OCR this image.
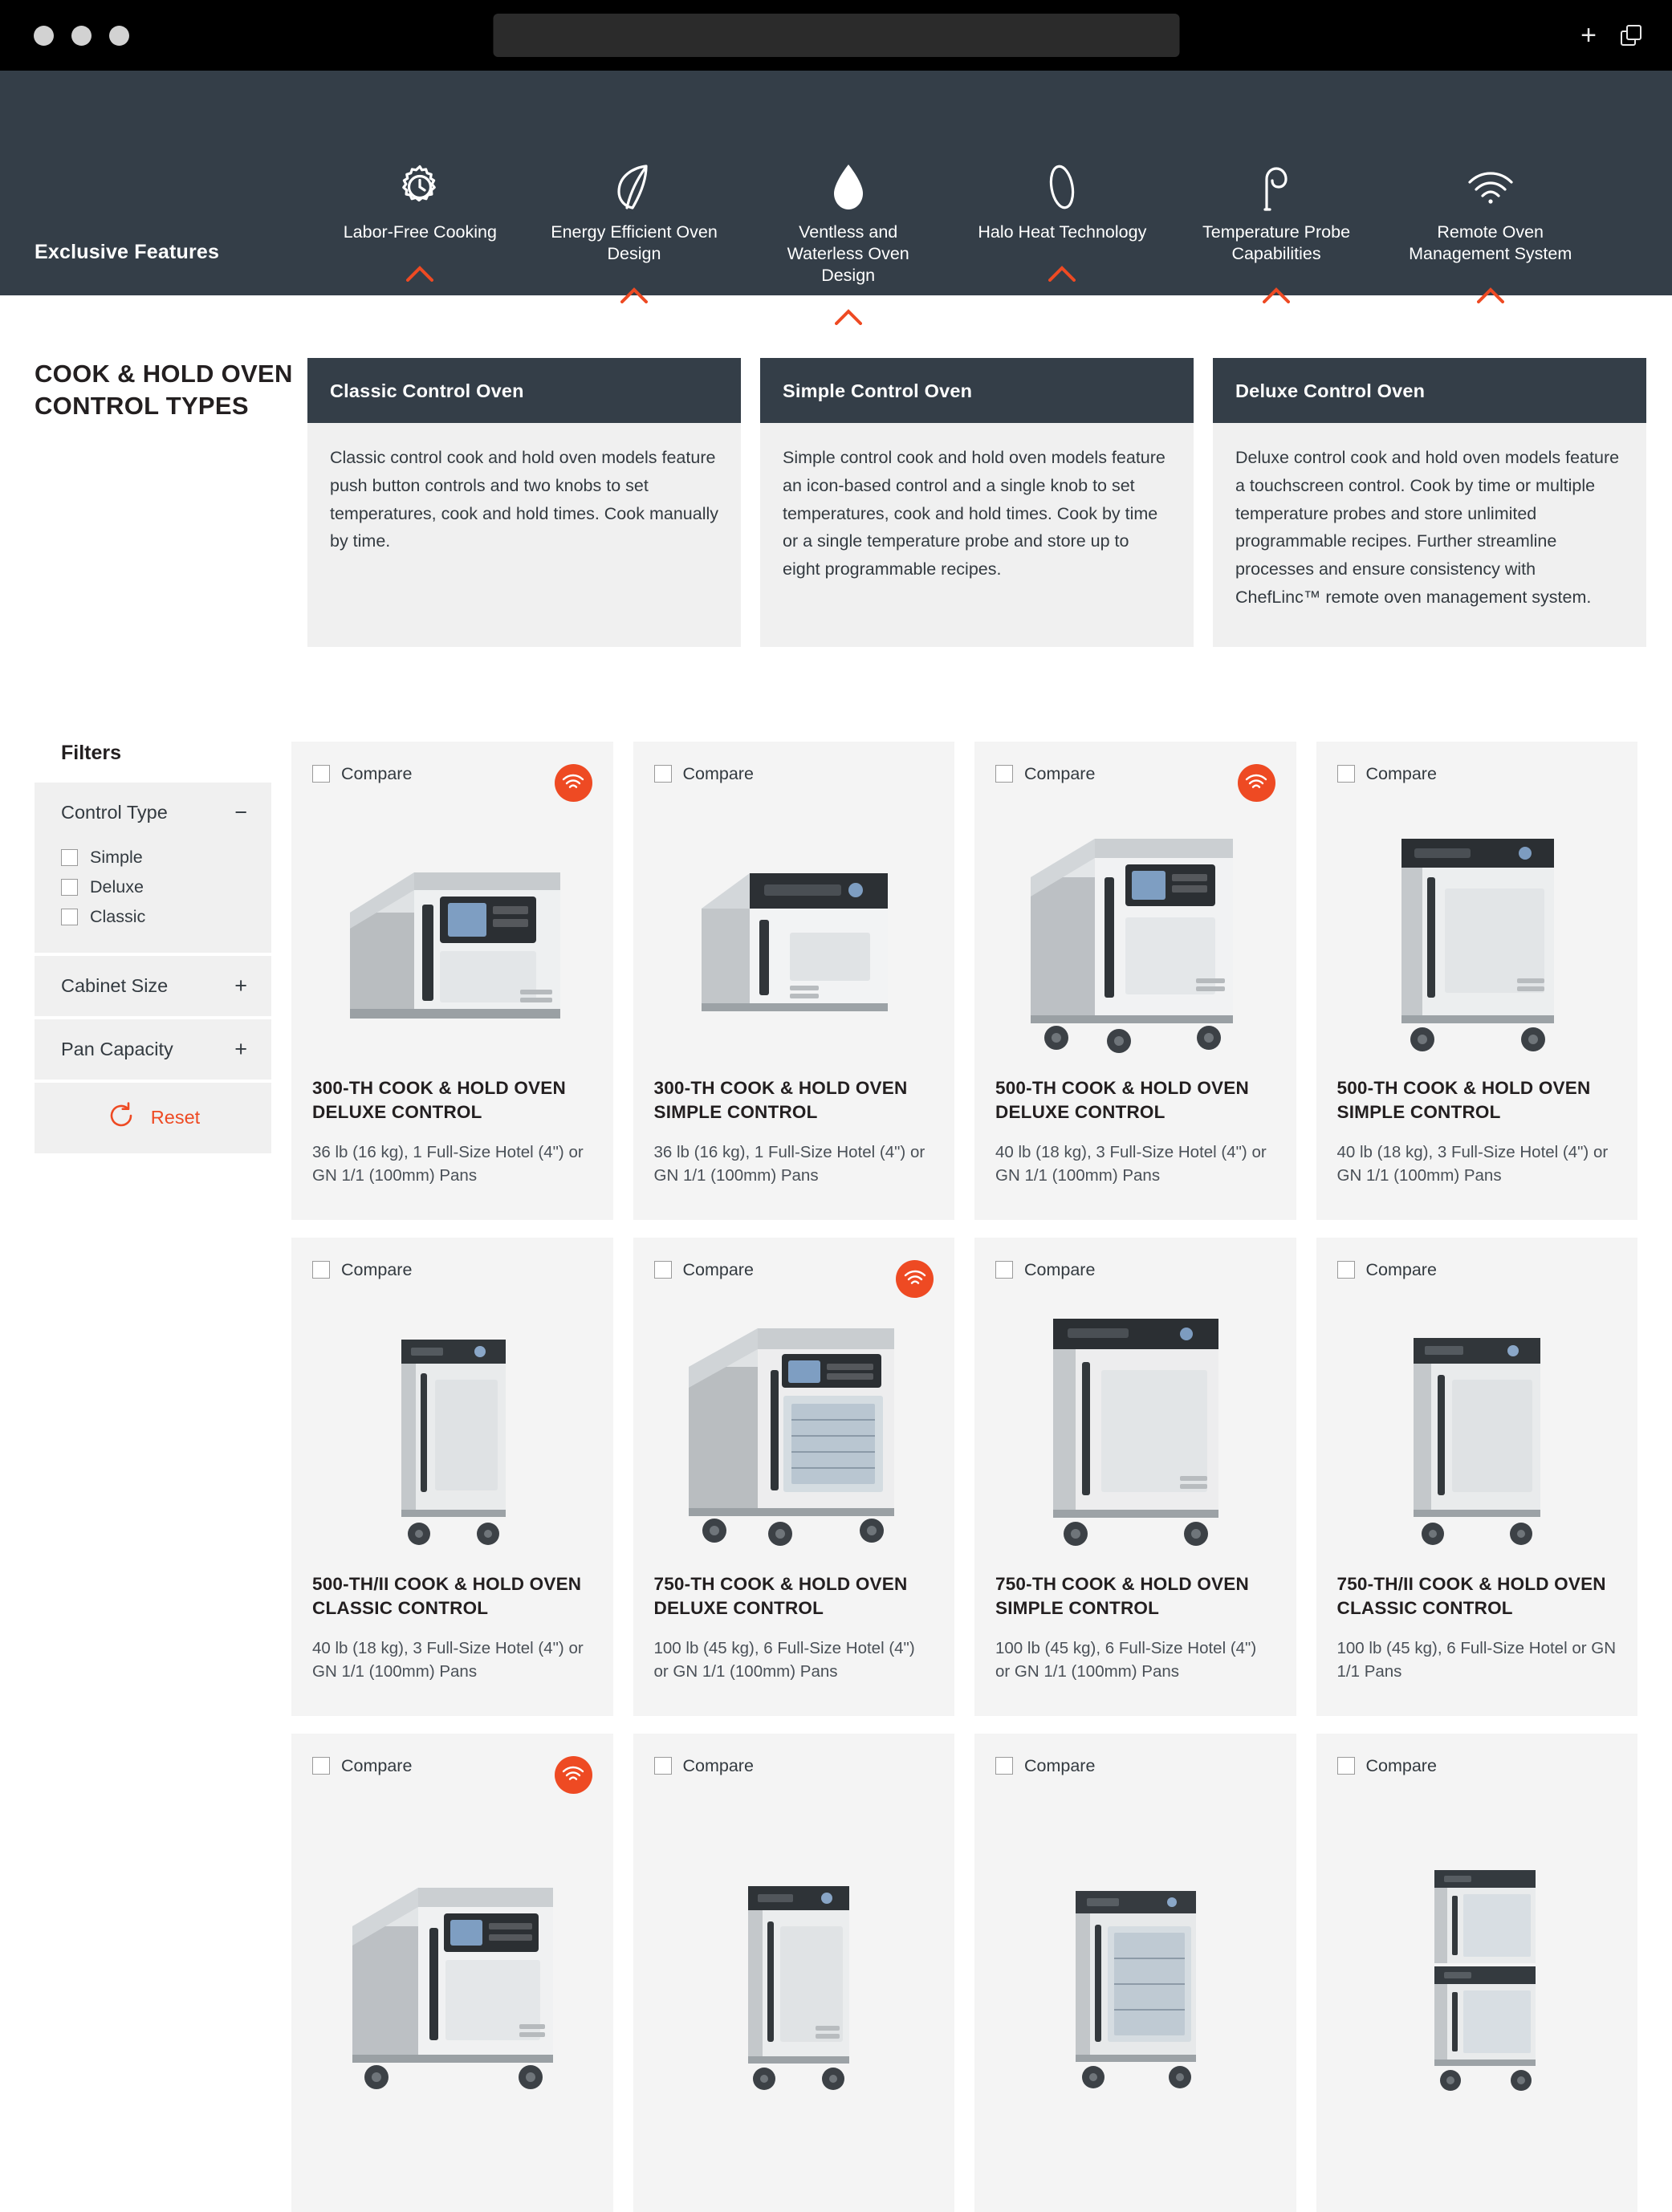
+
Exclusive Features
Labor-Free Cooking	Energy Efficient Oven Design
Ventless and Waterless Oven Design
Halo Heat Technology	Temperature Probe Capabilities
Remote Oven Management System
COOK & HOLD OVEN CONTROL TYPES
Classic Control Oven
Classic control cook and hold oven models feature push button controls and two knobs to set temperatures, cook and hold times. Cook manually by time.
Simple Control Oven
Simple control cook and hold oven models feature an icon-based control and a single knob to set temperatures, cook and hold times. Cook by time or a single temperature probe and store up to eight programmable recipes.
Deluxe Control Oven
Deluxe control cook and hold oven models feature a touchscreen control. Cook by time or multiple temperature probes and store unlimited programmable recipes. Further streamline processes and ensure consistency with ChefLinc™ remote oven management system.
Filters
Control Type	−
Simple
Deluxe
Classic
Cabinet Size	+
Pan Capacity	+
Reset
Compare
300-TH COOK & HOLD OVEN DELUXE CONTROL
36 lb (16 kg), 1 Full-Size Hotel (4") or GN 1/1 (100mm) Pans
Compare
300-TH COOK & HOLD OVEN SIMPLE CONTROL
36 lb (16 kg), 1 Full-Size Hotel (4") or GN 1/1 (100mm) Pans
Compare
500-TH COOK & HOLD OVEN DELUXE CONTROL
40 lb (18 kg), 3 Full-Size Hotel (4") or GN 1/1 (100mm) Pans
Compare
500-TH COOK & HOLD OVEN SIMPLE CONTROL
40 lb (18 kg), 3 Full-Size Hotel (4") or GN 1/1 (100mm) Pans
Compare
500-TH/II COOK & HOLD OVEN CLASSIC CONTROL
40 lb (18 kg), 3 Full-Size Hotel (4") or GN 1/1 (100mm) Pans
Compare
750-TH COOK & HOLD OVEN DELUXE CONTROL
100 lb (45 kg), 6 Full-Size Hotel (4") or GN 1/1 (100mm) Pans
Compare
750-TH COOK & HOLD OVEN SIMPLE CONTROL
100 lb (45 kg), 6 Full-Size Hotel (4") or GN 1/1 (100mm) Pans
Compare
750-TH/II COOK & HOLD OVEN CLASSIC CONTROL
100 lb (45 kg), 6 Full-Size Hotel or GN 1/1 Pans
Compare	Compare	Compare	Compare
